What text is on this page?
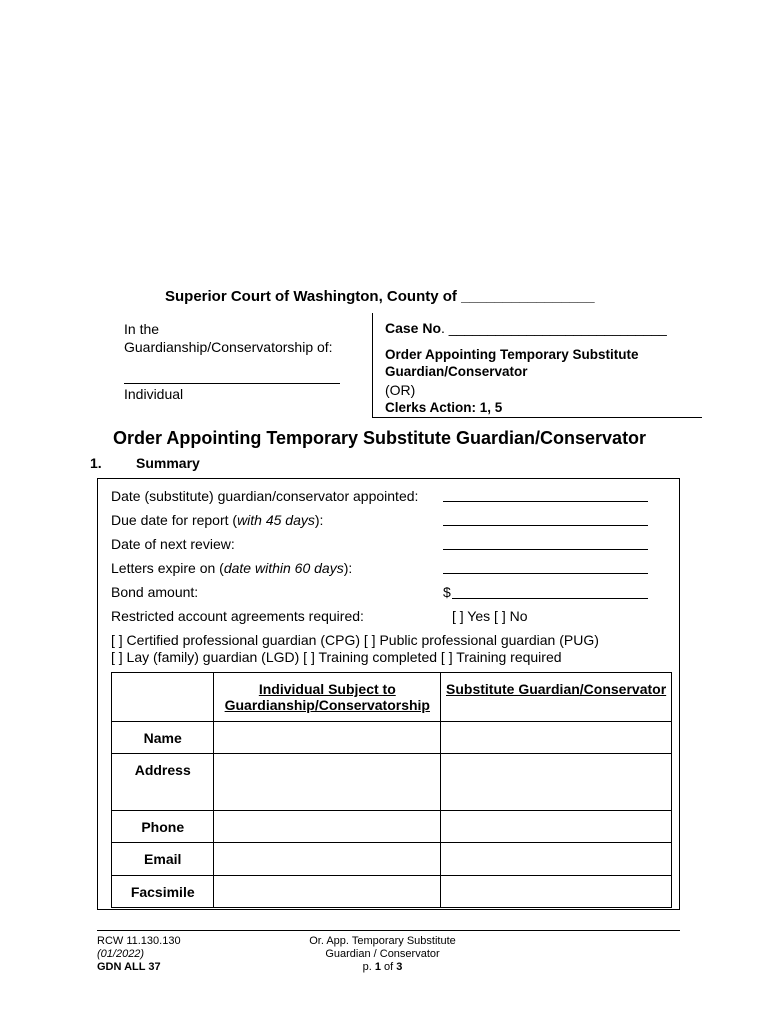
Superior Court of Washington, County of ________________
In the
Guardianship/Conservatorship of:
Individual
Case No. ____________________________
Order Appointing Temporary Substitute Guardian/Conservator
(OR)
Clerks Action: 1, 5
Order Appointing Temporary Substitute Guardian/Conservator
1. Summary
Date (substitute) guardian/conservator appointed:
Due date for report (with 45 days):
Date of next review:
Letters expire on (date within 60 days):
Bond amount:	$
Restricted account agreements required:	[ ] Yes [ ] No
[ ] Certified professional guardian (CPG) [ ] Public professional guardian (PUG)
[ ] Lay (family) guardian (LGD) [ ] Training completed [ ] Training required
	Individual Subject to Guardianship/Conservatorship	Substitute Guardian/Conservator
Name		
Address		
Phone		
Email		
Facsimile		
RCW 11.130.130
(01/2022)
GDN ALL 37
Or. App. Temporary Substitute
Guardian / Conservator
p. 1 of 3
